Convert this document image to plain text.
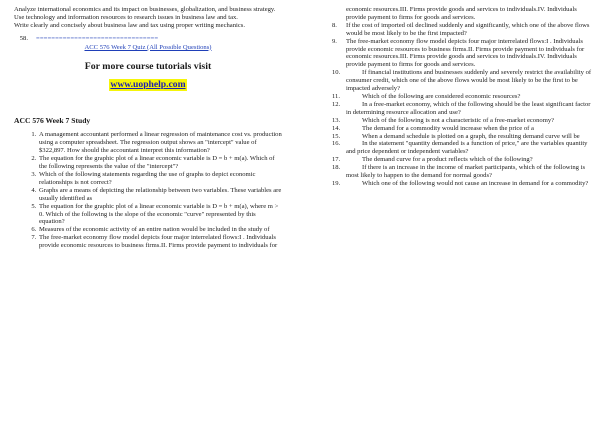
Analyze international economics and its impact on businesses, globalization, and business strategy.

Use technology and information resources to research issues in business law and tax.

Write clearly and concisely about business law and tax using proper writing mechanics.

58. ================================
ACC 576 Week 7 Quiz (All Possible Questions)
For more course tutorials visit
www.uophelp.com
ACC 576 Week 7 Study
1. A management accountant performed a linear regression of maintenance cost vs. production using a computer spreadsheet. The regression output shows an "intercept" value of $322,897. How should the accountant interpret this information?
2. The equation for the graphic plot of a linear economic variable is D = b + m(a). Which of the following represents the value of the "intercept"?
3. Which of the following statements regarding the use of graphs to depict economic relationships is not correct?
4. Graphs are a means of depicting the relationship between two variables. These variables are usually identified as
5. The equation for the graphic plot of a linear economic variable is D = b + m(a), where m > 0. Which of the following is the slope of the economic "curve" represented by this equation?
6. Measures of the economic activity of an entire nation would be included in the study of
7. The free-market economy flow model depicts four major interrelated flows:I . Individuals provide economic resources to business firms.II. Firms provide payment to individuals for

economic resources.III. Firms provide goods and services to individuals.IV. Individuals provide payment to firms for goods and services.

8.	If the cost of imported oil declined suddenly and significantly, which one of the above flows would be most likely to be the first impacted?
9.	The free-market economy flow model depicts four major interrelated flows:I . Individuals provide economic resources to business firms.II. Firms provide payment to individuals for economic resources.III. Firms provide goods and services to individuals.IV. Individuals provide payment to firms for goods and services.
10.	If financial institutions and businesses suddenly and severely restrict the availability of consumer credit, which one of the above flows would be most likely to be the first to be impacted adversely?
11.	Which of the following are considered economic resources?
12.	In a free-market economy, which of the following should be the least significant factor in determining resource allocation and use?
13.	Which of the following is not a characteristic of a free-market economy?
14.	The demand for a commodity would increase when the price of a
15.	When a demand schedule is plotted on a graph, the resulting demand curve will be
16.	In the statement "quantity demanded is a function of price," are the variables quantity and price dependent or independent variables?
17.	The demand curve for a product reflects which of the following?
18.	If there is an increase in the income of market participants, which of the following is most likely to happen to the demand for normal goods?
19.	Which one of the following would not cause an increase in demand for a commodity?
